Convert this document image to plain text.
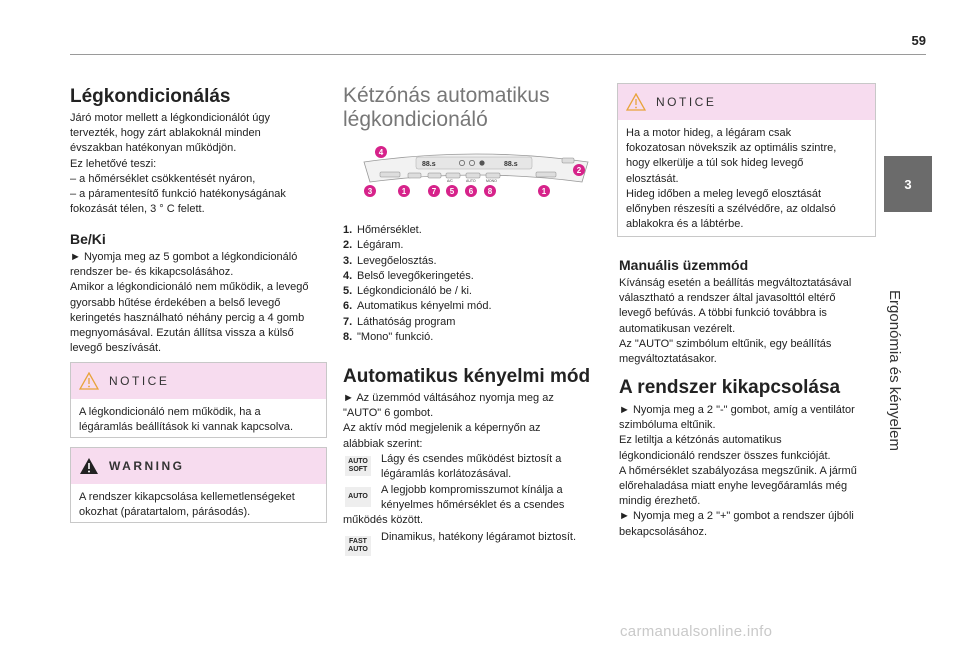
59
3
Ergonómia és kényelem
Légkondicionálás

Járó motor mellett a légkondicionálót úgy

tervezték, hogy zárt ablakoknál minden

évszakban hatékonyan működjön.

Ez lehetővé teszi:

– a hőmérséklet csökkentését nyáron,

– a páramentesítő funkció hatékonyságának

fokozását télen, 3 ° C felett.

Be/Ki

► Nyomja meg az 5 gombot a légkondicionáló

rendszer be- és kikapcsolásához.

Amikor a légkondicionáló nem működik, a levegő

gyorsabb hűtése érdekében a belső levegő

keringetés használható néhány percig a 4 gomb

megnyomásával. Ezután állítsa vissza a külső

levegő beszívását.

NOTICE

A légkondicionáló nem működik, ha a

légáramlás beállítások ki vannak kapcsolva.

WARNING

A rendszer kikapcsolása kellemetlenségeket

okozhat (páratartalom, párásodás).

Kétzónás automatikus
légkondicionáló
88.s	88.s
A/C	AUTO	MONO
4
2
3	1	7 5 6 8	1
1. Hőmérséklet.
2. Légáram.
3. Levegőelosztás.
4. Belső levegőkeringetés.
5. Légkondicionáló be / ki.
6. Automatikus kényelmi mód.
7. Láthatóság program
8. "Mono" funkció.
Automatikus kényelmi mód

► Az üzemmód váltásához nyomja meg az

"AUTO" 6 gombot.

Az aktív mód megjelenik a képernyőn az

alábbiak szerint:

AUTO
SOFT

Lágy és csendes működést biztosít a

légáramlás korlátozásával.

AUTO

A legjobb kompromisszumot kínálja a

kényelmes hőmérséklet és a csendes

működés között.

FAST
AUTO

Dinamikus, hatékony légáramot biztosít.

NOTICE

Ha a motor hideg, a légáram csak

fokozatosan növekszik az optimális szintre,

hogy elkerülje a túl sok hideg levegő

elosztását.

Hideg időben a meleg levegő elosztását

előnyben részesíti a szélvédőre, az oldalsó

ablakokra és a lábtérbe.

Manuális üzemmód

Kívánság esetén a beállítás megváltoztatásával

választható a rendszer által javasolttól eltérő

levegő befúvás. A többi funkció továbbra is

automatikusan vezérelt.

Az "AUTO" szimbólum eltűnik, egy beállítás

megváltoztatásakor.

A rendszer kikapcsolása

► Nyomja meg a 2 "-" gombot, amíg a ventilátor

szimbóluma eltűnik.

Ez letiltja a kétzónás automatikus

légkondicionáló rendszer összes funkcióját.

A hőmérséklet szabályozása megszűnik. A jármű

előrehaladása miatt enyhe levegőáramlás még

mindig érezhető.

► Nyomja meg a 2 "+" gombot a rendszer újbóli

bekapcsolásához.

carmanualsonline.info
